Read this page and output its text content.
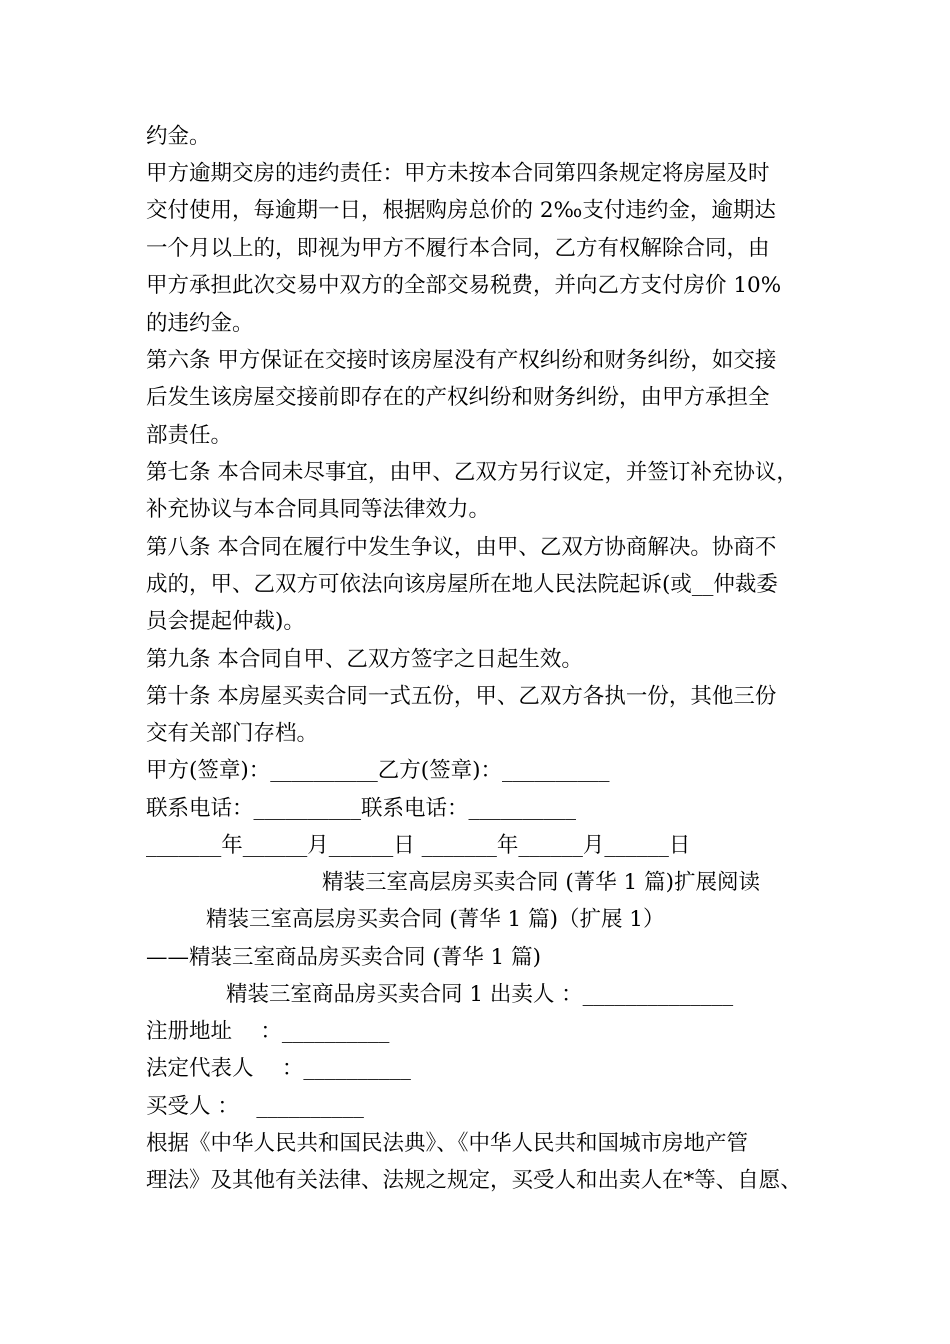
约金。
甲方逾期交房的违约责任：甲方未按本合同第四条规定将房屋及时
交付使用，每逾期一日，根据购房总价的 2‰支付违约金，逾期达
一个月以上的，即视为甲方不履行本合同，乙方有权解除合同，由
甲方承担此次交易中双方的全部交易税费，并向乙方支付房价 10%
的违约金。
第六条 甲方保证在交接时该房屋没有产权纠纷和财务纠纷，如交接
后发生该房屋交接前即存在的产权纠纷和财务纠纷，由甲方承担全
部责任。
第七条 本合同未尽事宜，由甲、乙双方另行议定，并签订补充协议，
补充协议与本合同具同等法律效力。
第八条 本合同在履行中发生争议，由甲、乙双方协商解决。协商不
成的，甲、乙双方可依法向该房屋所在地人民法院起诉(或__仲裁委
员会提起仲裁)。
第九条 本合同自甲、乙双方签字之日起生效。
第十条 本房屋买卖合同一式五份，甲、乙双方各执一份，其他三份
交有关部门存档。
甲方(签章)：__________乙方(签章)：__________
联系电话：__________联系电话：__________
_______年______月______日 _______年______月______日
精装三室高层房买卖合同 (菁华 1 篇)扩展阅读
精装三室高层房买卖合同 (菁华 1 篇)（扩展 1）
——精装三室商品房买卖合同 (菁华 1 篇)
精装三室商品房买卖合同 1 出卖人 ：______________
注册地址　 ：__________
法定代表人　 ：__________
买受人 ：　 __________
根据《中华人民共和国民法典》、《中华人民共和国城市房地产管
理法》及其他有关法律、法规之规定，买受人和出卖人在*等、自愿、
